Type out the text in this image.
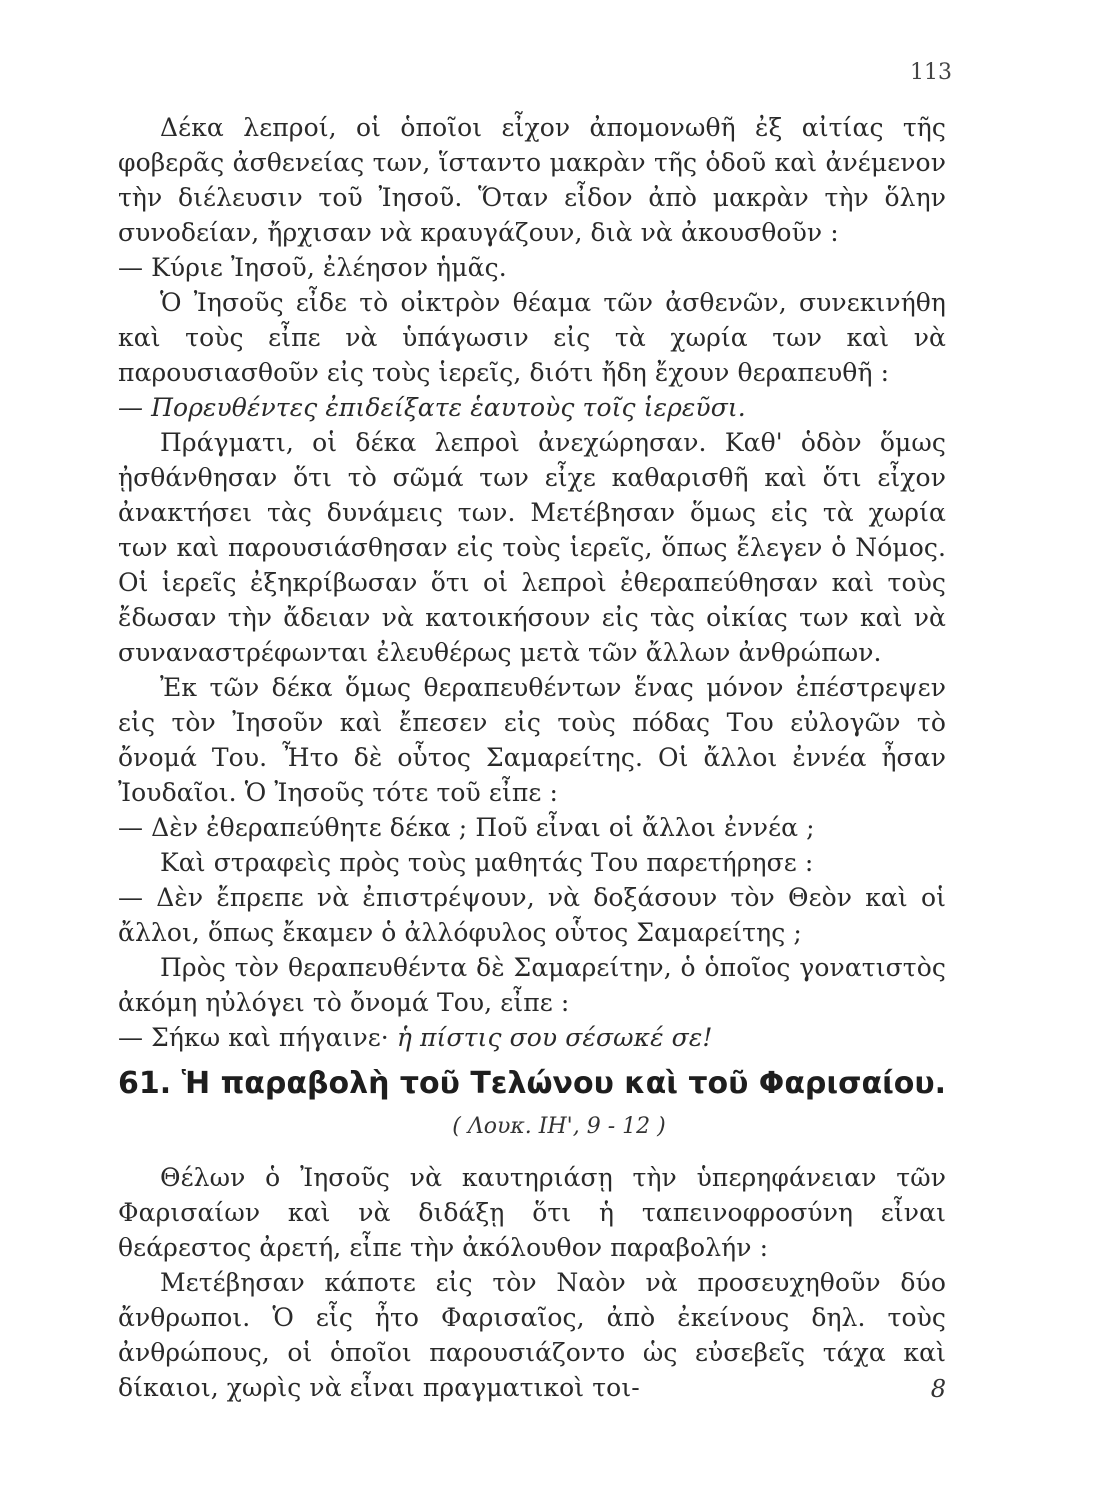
113

Δέκα λεπροί, οἱ ὁποῖοι εἶχον ἀπομονωθῆ ἐξ αἰτίας τῆς φοβερᾶς ἀσθενείας των, ἵσταντο μακρὰν τῆς ὁδοῦ καὶ ἀνέμενον τὴν διέλευσιν τοῦ Ἰησοῦ. Ὅταν εἶδον ἀπὸ μακρὰν τὴν ὅλην συνοδείαν, ἤρχισαν νὰ κραυγάζουν, διὰ νὰ ἀκουσθοῦν :

— Κύριε Ἰησοῦ, ἐλέησον ἡμᾶς.

Ὁ Ἰησοῦς εἶδε τὸ οἰκτρὸν θέαμα τῶν ἀσθενῶν, συνεκινήθη καὶ τοὺς εἶπε νὰ ὑπάγωσιν εἰς τὰ χωρία των καὶ νὰ παρουσιασθοῦν εἰς τοὺς ἱερεῖς, διότι ἤδη ἔχουν θεραπευθῆ :

— Πορευθέντες ἐπιδείξατε ἑαυτοὺς τοῖς ἱερεῦσι.

Πράγματι, οἱ δέκα λεπροὶ ἀνεχώρησαν. Καθ' ὁδὸν ὅμως ᾐσθάνθησαν ὅτι τὸ σῶμά των εἶχε καθαρισθῆ καὶ ὅτι εἶχον ἀνακτήσει τὰς δυνάμεις των. Μετέβησαν ὅμως εἰς τὰ χωρία των καὶ παρουσιάσθησαν εἰς τοὺς ἱερεῖς, ὅπως ἔλεγεν ὁ Νόμος. Οἱ ἱερεῖς ἐξηκρίβωσαν ὅτι οἱ λεπροὶ ἐθεραπεύθησαν καὶ τοὺς ἔδωσαν τὴν ἄδειαν νὰ κατοικήσουν εἰς τὰς οἰκίας των καὶ νὰ συναναστρέφωνται ἐλευθέρως μετὰ τῶν ἄλλων ἀνθρώπων.

Ἐκ τῶν δέκα ὅμως θεραπευθέντων ἕνας μόνον ἐπέστρεψεν εἰς τὸν Ἰησοῦν καὶ ἔπεσεν εἰς τοὺς πόδας Του εὐλογῶν τὸ ὄνομά Του. Ἦτο δὲ οὗτος Σαμαρείτης. Οἱ ἄλλοι ἐννέα ἦσαν Ἰουδαῖοι. Ὁ Ἰησοῦς τότε τοῦ εἶπε :

— Δὲν ἐθεραπεύθητε δέκα ; Ποῦ εἶναι οἱ ἄλλοι ἐννέα ;

Καὶ στραφεὶς πρὸς τοὺς μαθητάς Του παρετήρησε :

— Δὲν ἔπρεπε νὰ ἐπιστρέψουν, νὰ δοξάσουν τὸν Θεὸν καὶ οἱ ἄλλοι, ὅπως ἔκαμεν ὁ ἀλλόφυλος οὗτος Σαμαρείτης ;

Πρὸς τὸν θεραπευθέντα δὲ Σαμαρείτην, ὁ ὁποῖος γονατιστὸς ἀκόμη ηὐλόγει τὸ ὄνομά Του, εἶπε :

— Σήκω καὶ πήγαινε· ἡ πίστις σου σέσωκέ σε!

61. Ἡ παραβολὴ τοῦ Τελώνου καὶ τοῦ Φαρισαίου.
( Λουκ. ΙΗ', 9 - 12 )

Θέλων ὁ Ἰησοῦς νὰ καυτηριάσῃ τὴν ὑπερηφάνειαν τῶν Φαρισαίων καὶ νὰ διδάξῃ ὅτι ἡ ταπεινοφροσύνη εἶναι θεάρεστος ἀρετή, εἶπε τὴν ἀκόλουθον παραβολήν :

Μετέβησαν κάποτε εἰς τὸν Ναὸν νὰ προσευχηθοῦν δύο ἄνθρωποι. Ὁ εἷς ἦτο Φαρισαῖος, ἀπὸ ἐκείνους δηλ. τοὺς ἀνθρώπους, οἱ ὁποῖοι παρουσιάζοντο ὡς εὐσεβεῖς τάχα καὶ δίκαιοι, χωρὶς νὰ εἶναι πραγματικοὶ τοι-	8
